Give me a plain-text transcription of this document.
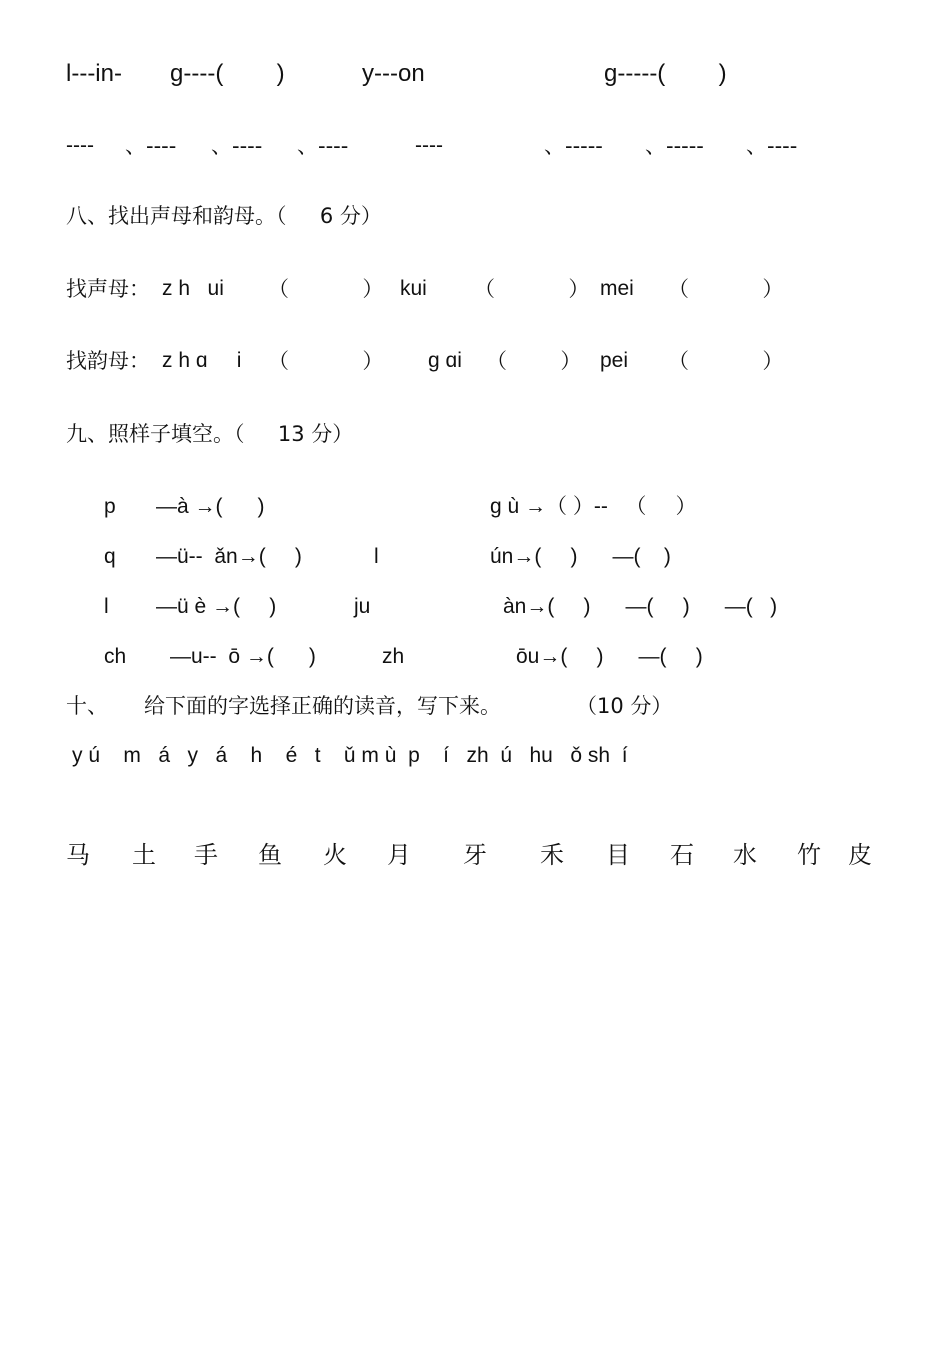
l---in- g----(        )	y---on	g-----(        )
---- 、---- 、---- 、----	----	、----- 、----- 、----
八、找出声母和韵母。（     6 分）
找声母： z h   ui （           ） kui （           ） mei （           ）
找韵母： z h ɑ     i （           ） g ɑi （        ） pei （           ）
九、照样子填空。（     13 分）
p —à →(      )	g ù →（ ）--   （     ）
q —ü--  ǎn→(     )	l	ún→(     )      —(    )
l —ü è →(     )	ju	àn→(     )      —(     )      —(   )
ch —u--  ō →(      )	zh	ōu→(     )      —(     )
十、 给下面的字选择正确的读音，写下来。	（10 分）
y ú    m   á   y   á    h    é   t    ǔ m ù  p    í   zh  ú   hu   ǒ sh  í
马 土 手 鱼 火 月 牙 禾 目 石 水 竹 皮
